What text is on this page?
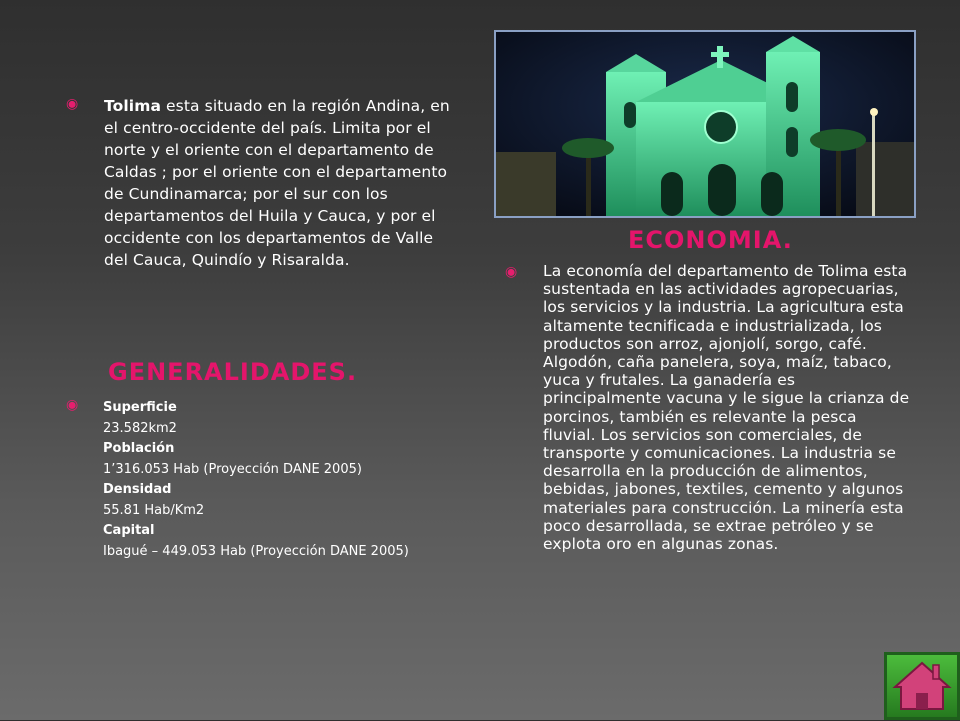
◉ Tolima esta situado en la región Andina, en el centro-occidente del país. Limita por el norte y el oriente con el departamento de Caldas ; por el oriente con el departamento de Cundinamarca; por el sur con los departamentos del Huila y Cauca, y por el occidente con los departamentos de Valle del Cauca, Quindío y Risaralda.
GENERALIDADES.
◉ Superficie
23.582km2
Población
1’316.053 Hab (Proyección DANE 2005)
Densidad
55.81 Hab/Km2
Capital
Ibagué – 449.053 Hab (Proyección DANE 2005)
ECONOMIA.
◉ La economía del departamento de Tolima esta sustentada en las actividades agropecuarias, los servicios y la industria. La agricultura esta altamente tecnificada e industrializada, los productos son arroz, ajonjolí, sorgo, café. Algodón, caña panelera, soya, maíz, tabaco, yuca y frutales. La ganadería es principalmente vacuna y le sigue la crianza de porcinos, también es relevante la pesca fluvial. Los servicios son comerciales, de transporte y comunicaciones. La industria se desarrolla en la producción de alimentos, bebidas, jabones, textiles, cemento y algunos materiales para construcción. La minería esta poco desarrollada, se extrae petróleo y se explota oro en algunas zonas.
